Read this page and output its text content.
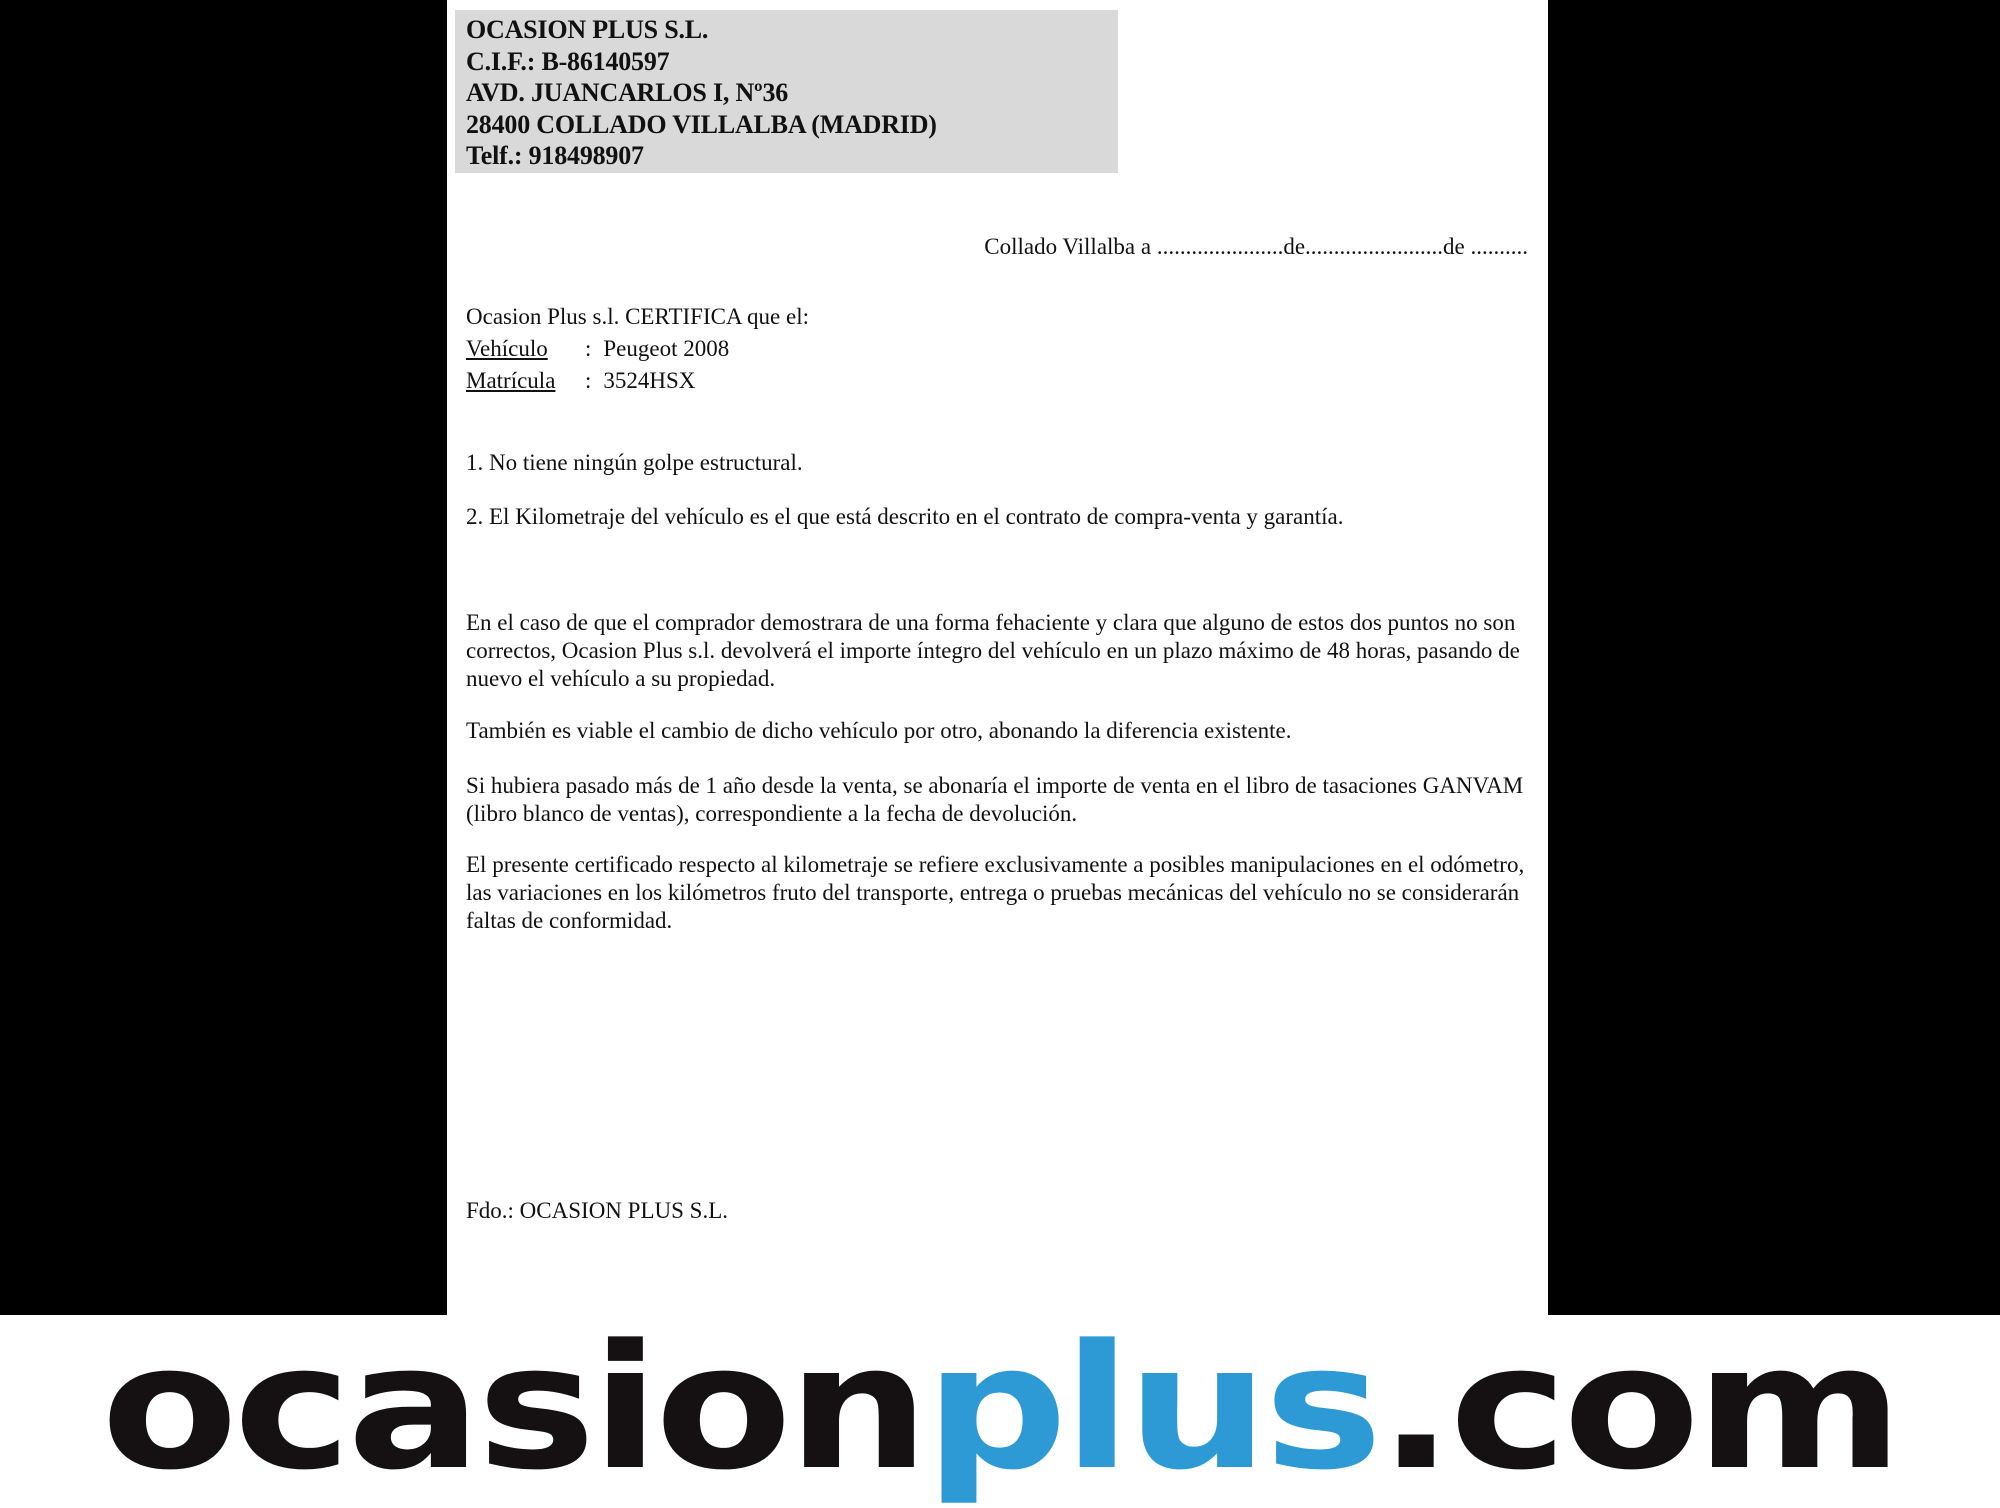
OCASION PLUS S.L.
C.I.F.: B-86140597
AVD. JUANCARLOS I, Nº36
28400 COLLADO VILLALBA (MADRID)
Telf.: 918498907
Collado Villalba a ......................de........................de ..........
Ocasion Plus s.l. CERTIFICA que el:
Vehículo	: Peugeot 2008
Matrícula	: 3524HSX
1. No tiene ningún golpe estructural.
2. El Kilometraje del vehículo es el que está descrito en el contrato de compra-venta y garantía.
En el caso de que el comprador demostrara de una forma fehaciente y clara que alguno de estos dos puntos no son correctos, Ocasion Plus s.l. devolverá el importe íntegro del vehículo en un plazo máximo de 48 horas, pasando de nuevo el vehículo a su propiedad.
También es viable el cambio de dicho vehículo por otro, abonando la diferencia existente.
Si hubiera pasado más de 1 año desde la venta, se abonaría el importe de venta en el libro de tasaciones GANVAM (libro blanco de ventas), correspondiente a la fecha de devolución.
El presente certificado respecto al kilometraje se refiere exclusivamente a posibles manipulaciones en el odómetro, las variaciones en los kilómetros fruto del transporte, entrega o pruebas mecánicas del vehículo no se considerarán faltas de conformidad.
Fdo.: OCASION PLUS S.L.
ocasionplus.com
